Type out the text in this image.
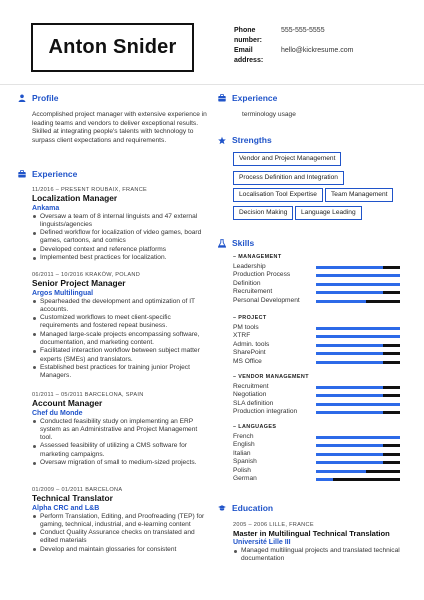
Anton Snider
Phone number:
555-555-5555
Email address:
hello@kickresume.com
Profile
Accomplished project manager with extensive experience in leading teams and vendors to deliver exceptional results. Skilled at integrating people's talents with technology to surpass client expectations and requirements.
Experience
11/2016 – PRESENT ROUBAIX, FRANCE
Localization Manager
Ankama
Oversaw a team of 8 internal linguists and 47 external linguists/agencies
Defined workflow for localization of video games, board games, cartoons, and comics
Developed context and reference platforms
Implemented best practices for localization.
06/2011 – 10/2016 KRAKÓW, POLAND
Senior Project Manager
Argos Multilingual
Spearheaded the development and optimization of IT accounts.
Customized workflows to meet client-specific requirements and fostered repeat business.
Managed large-scale projects encompassing software, documentation, and marketing content.
Facilitated interaction workflow between subject matter experts (SMEs) and translators.
Established best practices for training junior Project Managers.
01/2011 – 05/2011 BARCELONA, SPAIN
Account Manager
Chef du Monde
Conducted feasibility study on implementing an ERP system as an Administrative and Project Management tool.
Assessed feasibility of utilizing a CMS software for marketing campaigns.
Oversaw migration of small to medium-sized projects.
01/2009 – 01/2011 BARCELONA
Technical Translator
Alpha CRC and L&B
Perform Translation, Editing, and Proofreading (TEP) for gaming, technical, industrial, and e-learning content
Conduct Quality Assurance checks on translated and edited materials
Develop and maintain glossaries for consistent
Experience
terminology usage
Strengths
Vendor and Project Management
Process Definition and Integration
Localisation Tool Expertise	Team Management
Decision Making	Language Leading
Skills
– MANAGEMENT
Leadership
Production Process
Definition
Recruitement
Personal Development
– PROJECT
PM tools
XTRF
Admin. tools
SharePoint
MS Office
– VENDOR MANAGEMENT
Recruitment
Negotiation
SLA definition
Production integration
– LANGUAGES
French
English
Italian
Spanish
Polish
German
Education
2005 – 2006 LILLE, FRANCE
Master in Multilingual Technical Translation
Université Lille III
Managed multilingual projects and translated technical documentation
